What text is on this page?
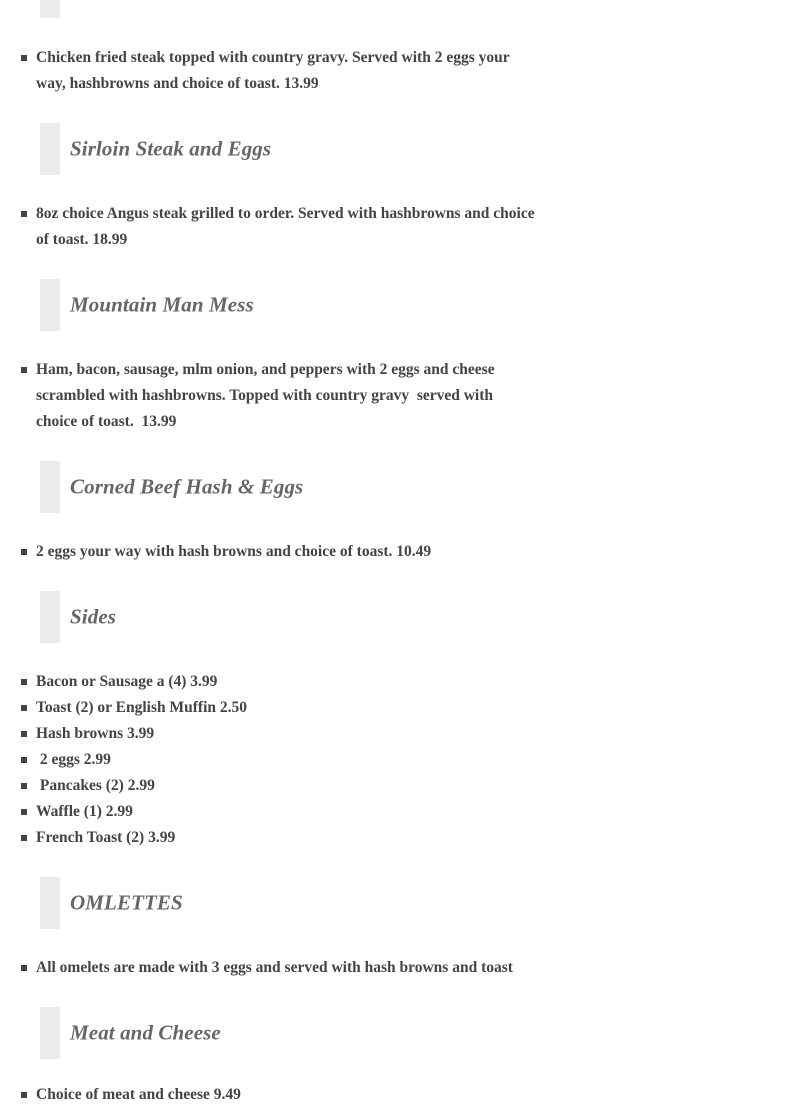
Chicken fried steak topped with country gravy. Served with 2 eggs your way, hashbrowns and choice of toast. 13.99
Sirloin Steak and Eggs
8oz choice Angus steak grilled to order. Served with hashbrowns and choice of toast. 18.99
Mountain Man Mess
Ham, bacon, sausage, mlm onion, and peppers with 2 eggs and cheese scrambled with hashbrowns. Topped with country gravy  served with choice of toast.  13.99
Corned Beef Hash & Eggs
2 eggs your way with hash browns and choice of toast. 10.49
Sides
Bacon or Sausage a (4) 3.99
Toast (2) or English Muffin 2.50
Hash browns 3.99
2 eggs 2.99
Pancakes (2) 2.99
Waffle (1) 2.99
French Toast (2) 3.99
OMLETTES
All omelets are made with 3 eggs and served with hash browns and toast
Meat and Cheese
Choice of meat and cheese 9.49
